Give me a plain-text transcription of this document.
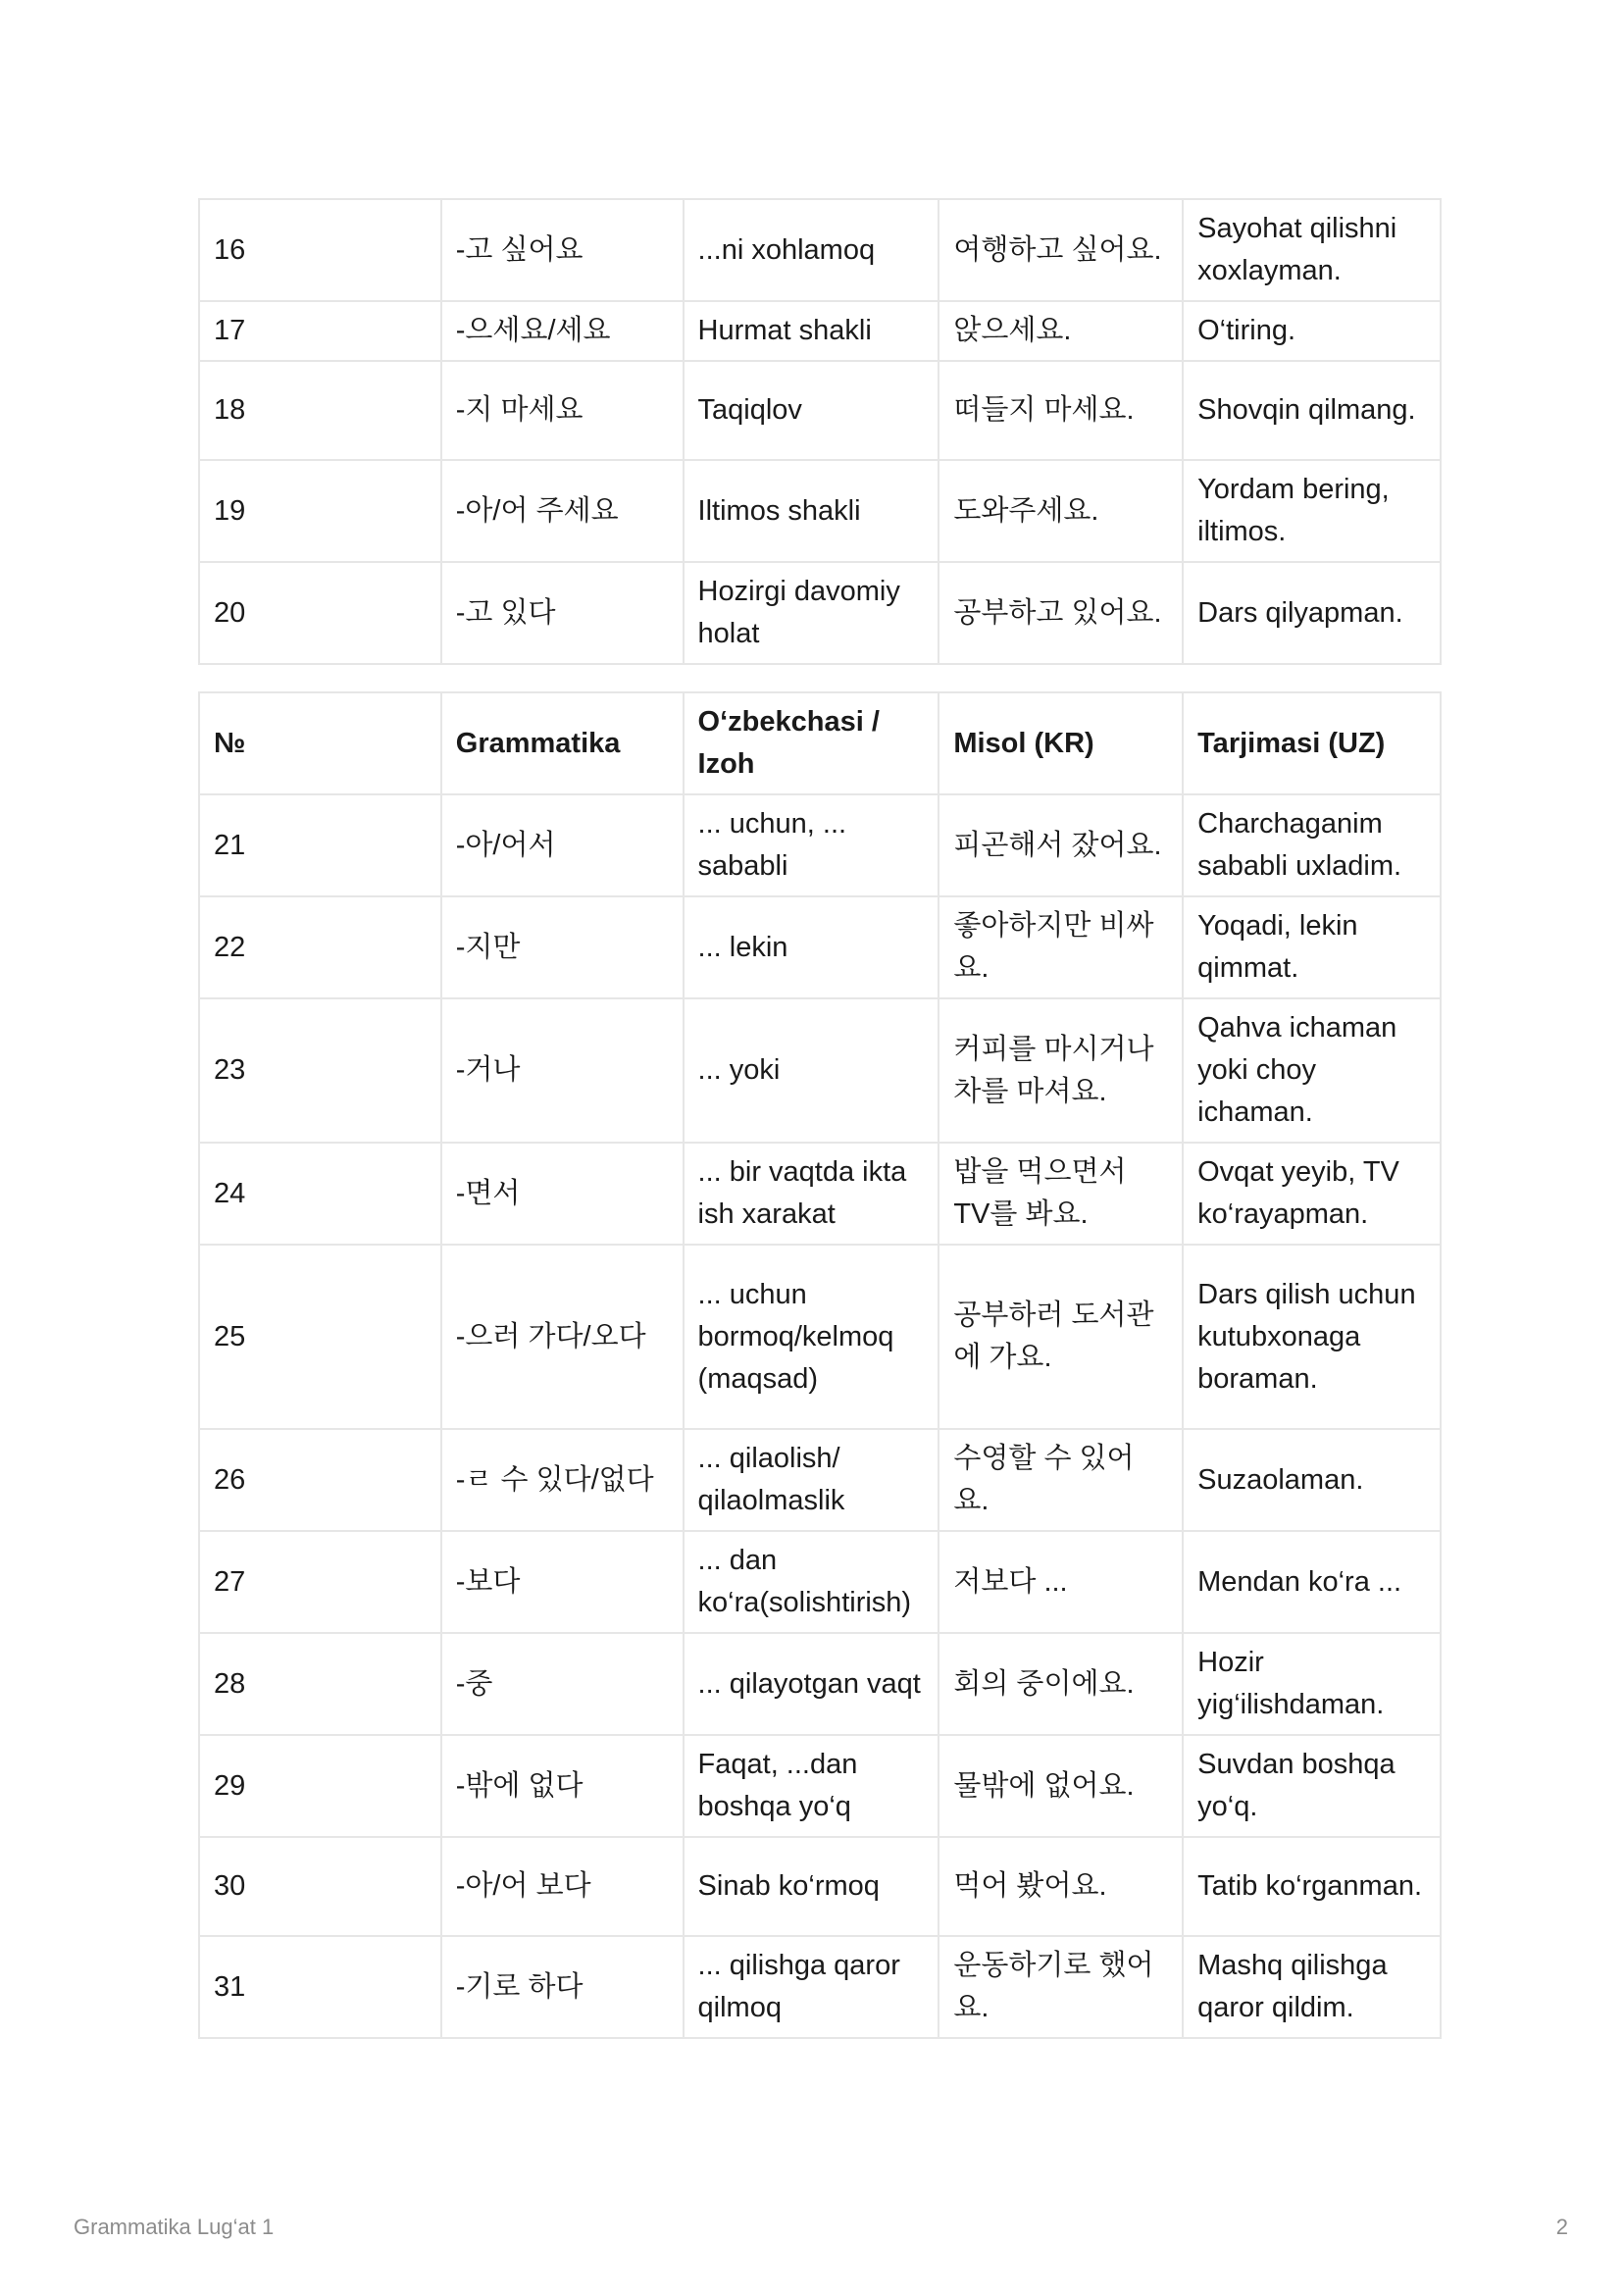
16	-고 싶어요	...ni xohlamoq	여행하고 싶어요.	Sayohat qilishni xoxlayman.
17	-으세요/세요	Hurmat shakli	앉으세요.	O‘tiring.
18	-지 마세요	Taqiqlov	떠들지 마세요.	Shovqin qilmang.
19	-아/어 주세요	Iltimos shakli	도와주세요.	Yordam bering, iltimos.
20	-고 있다	Hozirgi davomiy holat	공부하고 있어요.	Dars qilyapman.
№	Grammatika	O‘zbekchasi / Izoh	Misol (KR)	Tarjimasi (UZ)
21	-아/어서	... uchun, ... sababli	피곤해서 잤어요.	Charchaganim sababli uxladim.
22	-지만	... lekin	좋아하지만 비싸요.	Yoqadi, lekin qimmat.
23	-거나	... yoki	커피를 마시거나 차를 마셔요.	Qahva ichaman yoki choy ichaman.
24	-면서	... bir vaqtda ikta ish xarakat	밥을 먹으면서 TV를 봐요.	Ovqat yeyib, TV ko‘rayapman.
25	-으러 가다/오다	... uchun bormoq/kelmoq (maqsad)	공부하러 도서관에 가요.	Dars qilish uchun kutubxonaga boraman.
26	-ㄹ 수 있다/없다	... qilaolish/ qilaolmaslik	수영할 수 있어요.	Suzaolaman.
27	-보다	... dan ko‘ra(solishtirish)	저보다 ...	Mendan ko‘ra ...
28	-중	... qilayotgan vaqt	회의 중이에요.	Hozir yig‘ilishdaman.
29	-밖에 없다	Faqat, ...dan boshqa yo‘q	물밖에 없어요.	Suvdan boshqa yo‘q.
30	-아/어 보다	Sinab ko‘rmoq	먹어 봤어요.	Tatib ko‘rganman.
31	-기로 하다	... qilishga qaror qilmoq	운동하기로 했어요.	Mashq qilishga qaror qildim.
Grammatika Lug‘at 1	2
